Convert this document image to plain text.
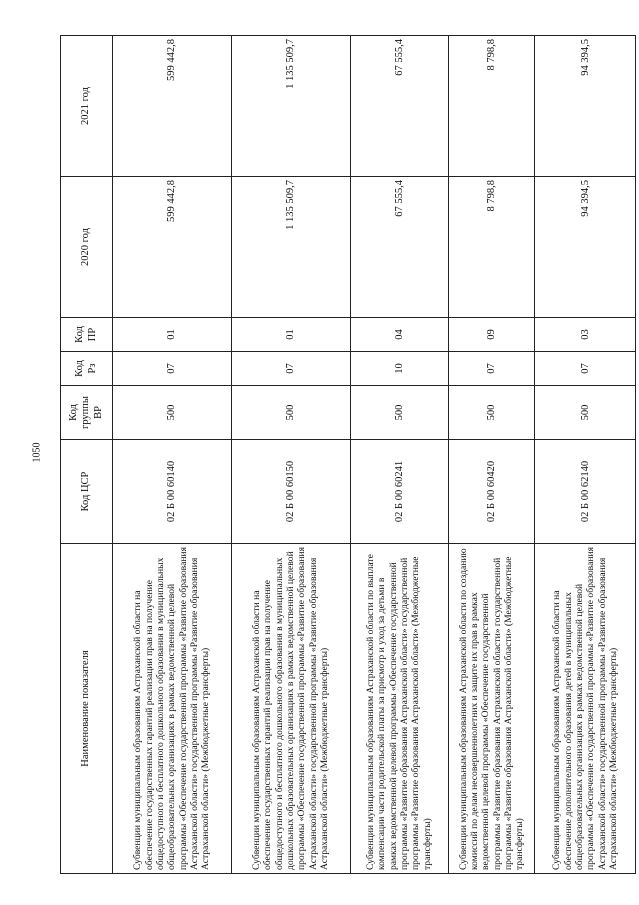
1050
Наименование показателя	Код ЦСР	Код группы ВР	Код Рз	Код ПР	2020 год	2021 год
Субвенции муниципальным образованиям Астраханской области на обеспечение государственных гарантий реализации прав на получение общедоступного и бесплатного дошкольного образования в муниципальных общеобразовательных организациях в рамках ведомственной целевой программы «Обеспечение государственной программы «Развитие образования Астраханской области» государственной программы «Развитие образования Астраханской области» (Межбюджетные трансферты)	02 Б 00 60140	500	07	01	599 442,8	599 442,8
Субвенции муниципальным образованиям Астраханской области на обеспечение государственных гарантий реализации прав на получение общедоступного и бесплатного дошкольного образования в муниципальных дошкольных образовательных организациях в рамках ведомственной целевой программы «Обеспечение государственной программы «Развитие образования Астраханской области» государственной программы «Развитие образования Астраханской области» (Межбюджетные трансферты)	02 Б 00 60150	500	07	01	1 135 509,7	1 135 509,7
Субвенции муниципальным образованиям Астраханской области по выплате компенсации части родительской платы за присмотр и уход за детьми в рамках ведомственной целевой программы «Обеспечение государственной программы «Развитие образования Астраханской области» государственной программы «Развитие образования Астраханской области» (Межбюджетные трансферты)	02 Б 00 60241	500	10	04	67 555,4	67 555,4
Субвенции муниципальным образованиям Астраханской области по созданию комиссий по делам несовершеннолетних и защите их прав в рамках ведомственной целевой программы «Обеспечение государственной программы «Развитие образования Астраханской области» государственной программы «Развитие образования Астраханской области» (Межбюджетные трансферты)	02 Б 00 60420	500	07	09	8 798,8	8 798,8
Субвенции муниципальным образованиям Астраханской области на обеспечение дополнительного образования детей в муниципальных общеобразовательных организациях в рамках ведомственной целевой программы «Обеспечение государственной программы «Развитие образования Астраханской области» государственной программы «Развитие образования Астраханской области» (Межбюджетные трансферты)	02 Б 00 62140	500	07	03	94 394,5	94 394,5
